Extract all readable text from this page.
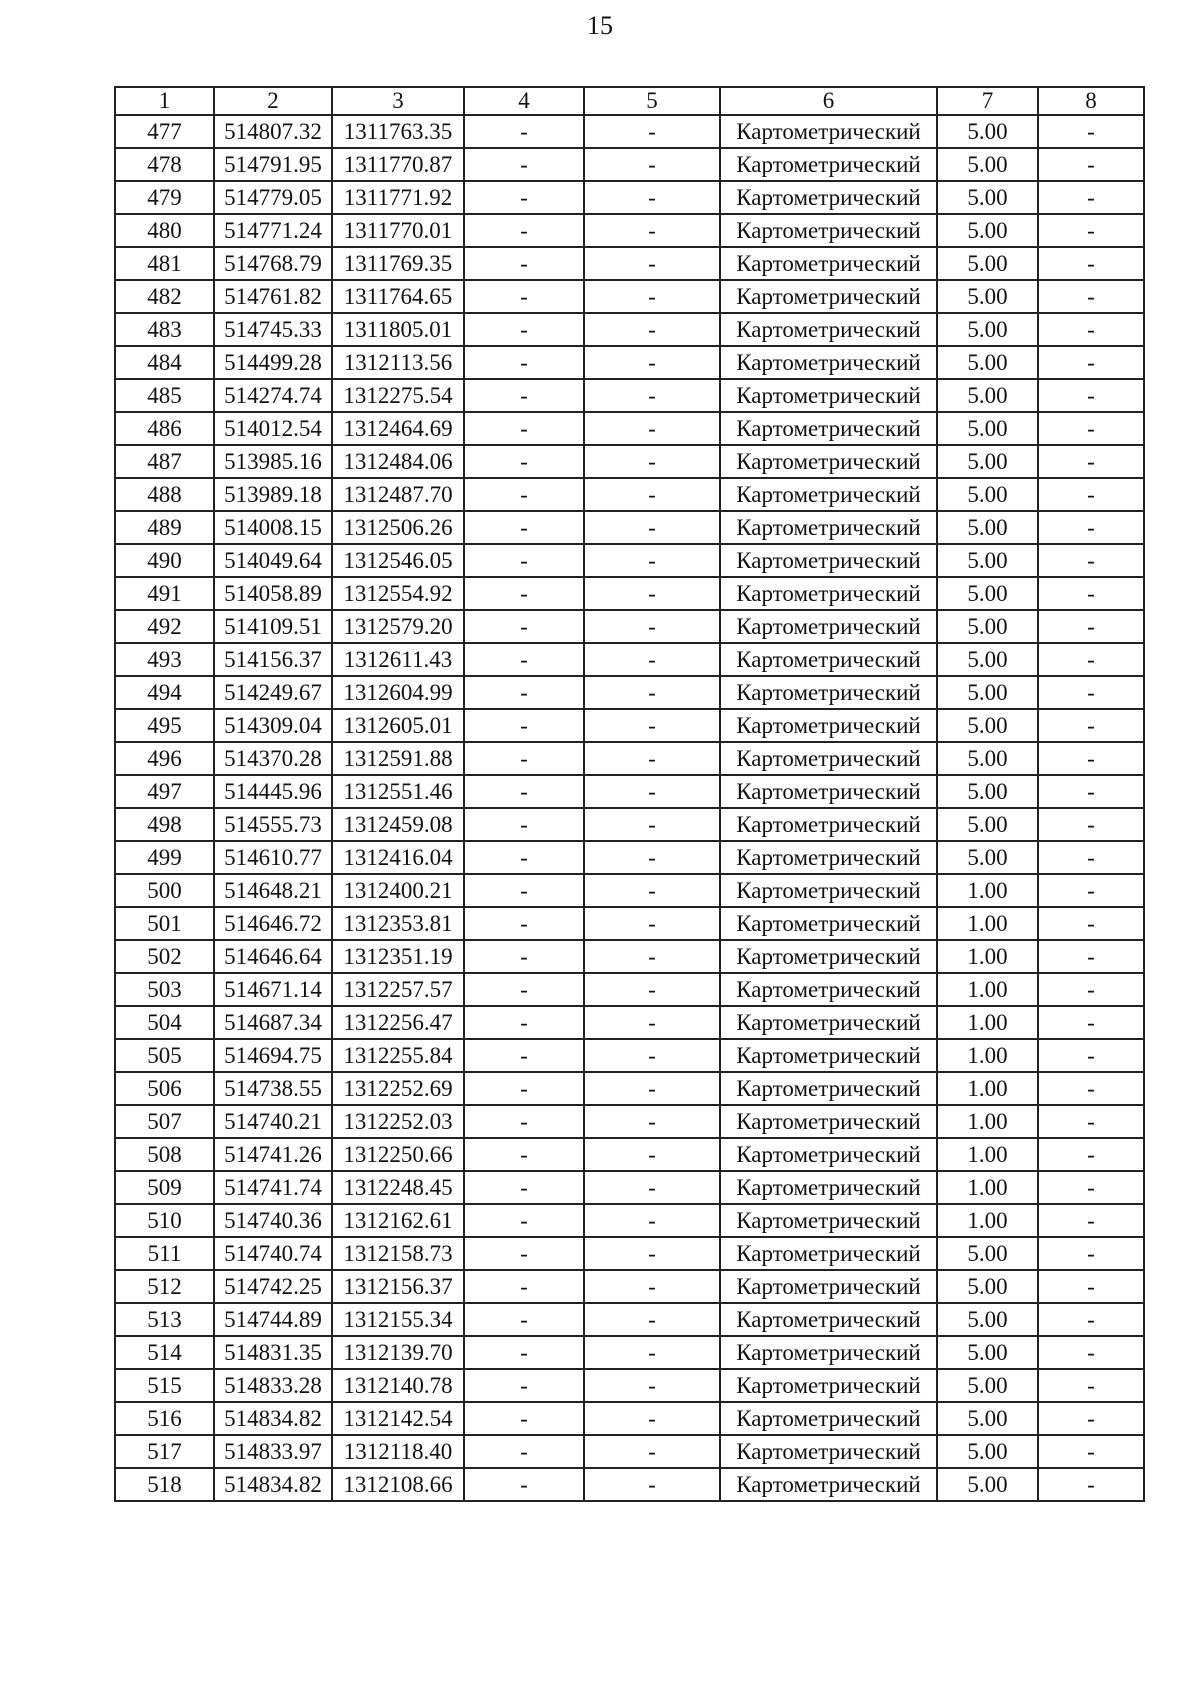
15
1	2	3	4	5	6	7	8
477	514807.32	1311763.35	-	-	Картометрический	5.00	-
478	514791.95	1311770.87	-	-	Картометрический	5.00	-
479	514779.05	1311771.92	-	-	Картометрический	5.00	-
480	514771.24	1311770.01	-	-	Картометрический	5.00	-
481	514768.79	1311769.35	-	-	Картометрический	5.00	-
482	514761.82	1311764.65	-	-	Картометрический	5.00	-
483	514745.33	1311805.01	-	-	Картометрический	5.00	-
484	514499.28	1312113.56	-	-	Картометрический	5.00	-
485	514274.74	1312275.54	-	-	Картометрический	5.00	-
486	514012.54	1312464.69	-	-	Картометрический	5.00	-
487	513985.16	1312484.06	-	-	Картометрический	5.00	-
488	513989.18	1312487.70	-	-	Картометрический	5.00	-
489	514008.15	1312506.26	-	-	Картометрический	5.00	-
490	514049.64	1312546.05	-	-	Картометрический	5.00	-
491	514058.89	1312554.92	-	-	Картометрический	5.00	-
492	514109.51	1312579.20	-	-	Картометрический	5.00	-
493	514156.37	1312611.43	-	-	Картометрический	5.00	-
494	514249.67	1312604.99	-	-	Картометрический	5.00	-
495	514309.04	1312605.01	-	-	Картометрический	5.00	-
496	514370.28	1312591.88	-	-	Картометрический	5.00	-
497	514445.96	1312551.46	-	-	Картометрический	5.00	-
498	514555.73	1312459.08	-	-	Картометрический	5.00	-
499	514610.77	1312416.04	-	-	Картометрический	5.00	-
500	514648.21	1312400.21	-	-	Картометрический	1.00	-
501	514646.72	1312353.81	-	-	Картометрический	1.00	-
502	514646.64	1312351.19	-	-	Картометрический	1.00	-
503	514671.14	1312257.57	-	-	Картометрический	1.00	-
504	514687.34	1312256.47	-	-	Картометрический	1.00	-
505	514694.75	1312255.84	-	-	Картометрический	1.00	-
506	514738.55	1312252.69	-	-	Картометрический	1.00	-
507	514740.21	1312252.03	-	-	Картометрический	1.00	-
508	514741.26	1312250.66	-	-	Картометрический	1.00	-
509	514741.74	1312248.45	-	-	Картометрический	1.00	-
510	514740.36	1312162.61	-	-	Картометрический	1.00	-
511	514740.74	1312158.73	-	-	Картометрический	5.00	-
512	514742.25	1312156.37	-	-	Картометрический	5.00	-
513	514744.89	1312155.34	-	-	Картометрический	5.00	-
514	514831.35	1312139.70	-	-	Картометрический	5.00	-
515	514833.28	1312140.78	-	-	Картометрический	5.00	-
516	514834.82	1312142.54	-	-	Картометрический	5.00	-
517	514833.97	1312118.40	-	-	Картометрический	5.00	-
518	514834.82	1312108.66	-	-	Картометрический	5.00	-
